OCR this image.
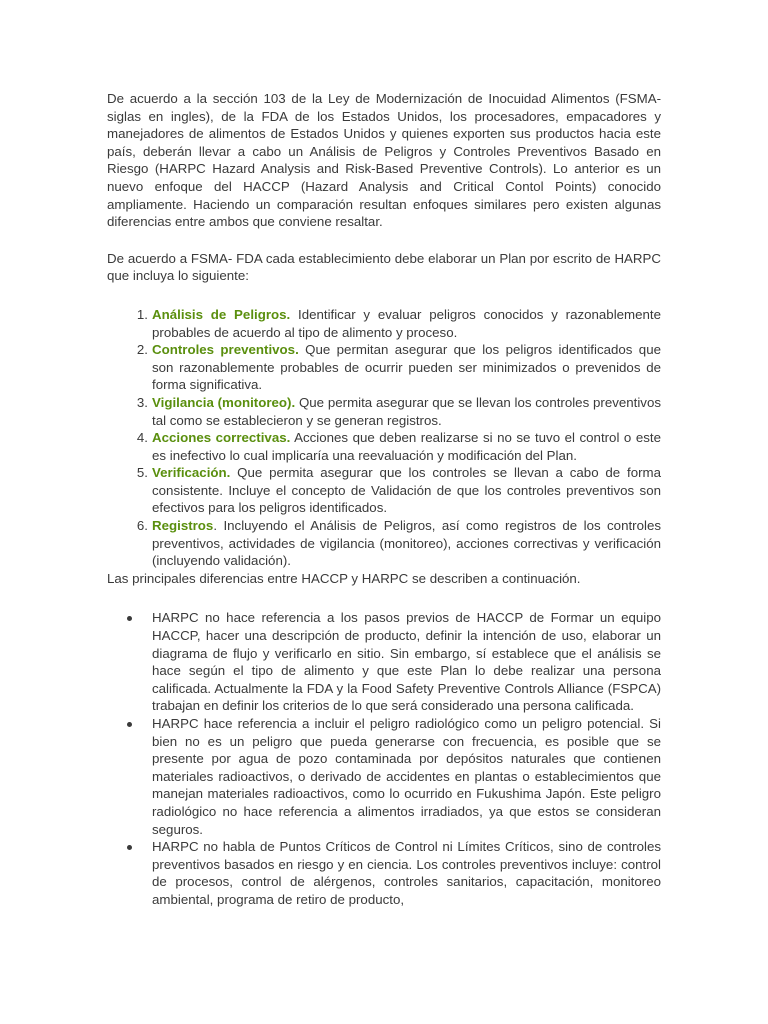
De acuerdo a la sección 103 de la Ley de Modernización de Inocuidad Alimentos (FSMA- siglas en ingles), de la FDA de los Estados Unidos, los procesadores, empacadores y manejadores de alimentos de Estados Unidos y quienes exporten sus productos hacia este país, deberán llevar a cabo un Análisis de Peligros y Controles Preventivos Basado en Riesgo (HARPC Hazard Analysis and Risk-Based Preventive Controls). Lo anterior es un nuevo enfoque del HACCP (Hazard Analysis and Critical Contol Points) conocido ampliamente. Haciendo un comparación resultan enfoques similares pero existen algunas diferencias entre ambos que conviene resaltar.

De acuerdo a FSMA- FDA cada establecimiento debe elaborar un Plan por escrito de HARPC que incluya lo siguiente:

1. Análisis de Peligros. Identificar y evaluar peligros conocidos y razonablemente probables de acuerdo al tipo de alimento y proceso.
2. Controles preventivos. Que permitan asegurar que los peligros identificados que son razonablemente probables de ocurrir pueden ser minimizados o prevenidos de forma significativa.
3. Vigilancia (monitoreo). Que permita asegurar que se llevan los controles preventivos tal como se establecieron y se generan registros.
4. Acciones correctivas. Acciones que deben realizarse si no se tuvo el control o este es inefectivo lo cual implicaría una reevaluación y modificación del Plan.
5. Verificación. Que permita asegurar que los controles se llevan a cabo de forma consistente. Incluye el concepto de Validación de que los controles preventivos son efectivos para los peligros identificados.
6. Registros. Incluyendo el Análisis de Peligros, así como registros de los controles preventivos, actividades de vigilancia (monitoreo), acciones correctivas y verificación (incluyendo validación).

Las principales diferencias entre HACCP y HARPC se describen a continuación.

HARPC no hace referencia a los pasos previos de HACCP de Formar un equipo HACCP, hacer una descripción de producto, definir la intención de uso, elaborar un diagrama de flujo y verificarlo en sitio. Sin embargo, sí establece que el análisis se hace según el tipo de alimento y que este Plan lo debe realizar una persona calificada. Actualmente la FDA y la Food Safety Preventive Controls Alliance (FSPCA) trabajan en definir los criterios de lo que será considerado una persona calificada.
HARPC hace referencia a incluir el peligro radiológico como un peligro potencial. Si bien no es un peligro que pueda generarse con frecuencia, es posible que se presente por agua de pozo contaminada por depósitos naturales que contienen materiales radioactivos, o derivado de accidentes en plantas o establecimientos que manejan materiales radioactivos, como lo ocurrido en Fukushima Japón. Este peligro radiológico no hace referencia a alimentos irradiados, ya que estos se consideran seguros.
HARPC no habla de Puntos Críticos de Control ni Límites Críticos, sino de controles preventivos basados en riesgo y en ciencia. Los controles preventivos incluye: control de procesos, control de alérgenos, controles sanitarios, capacitación, monitoreo ambiental, programa de retiro de producto,
